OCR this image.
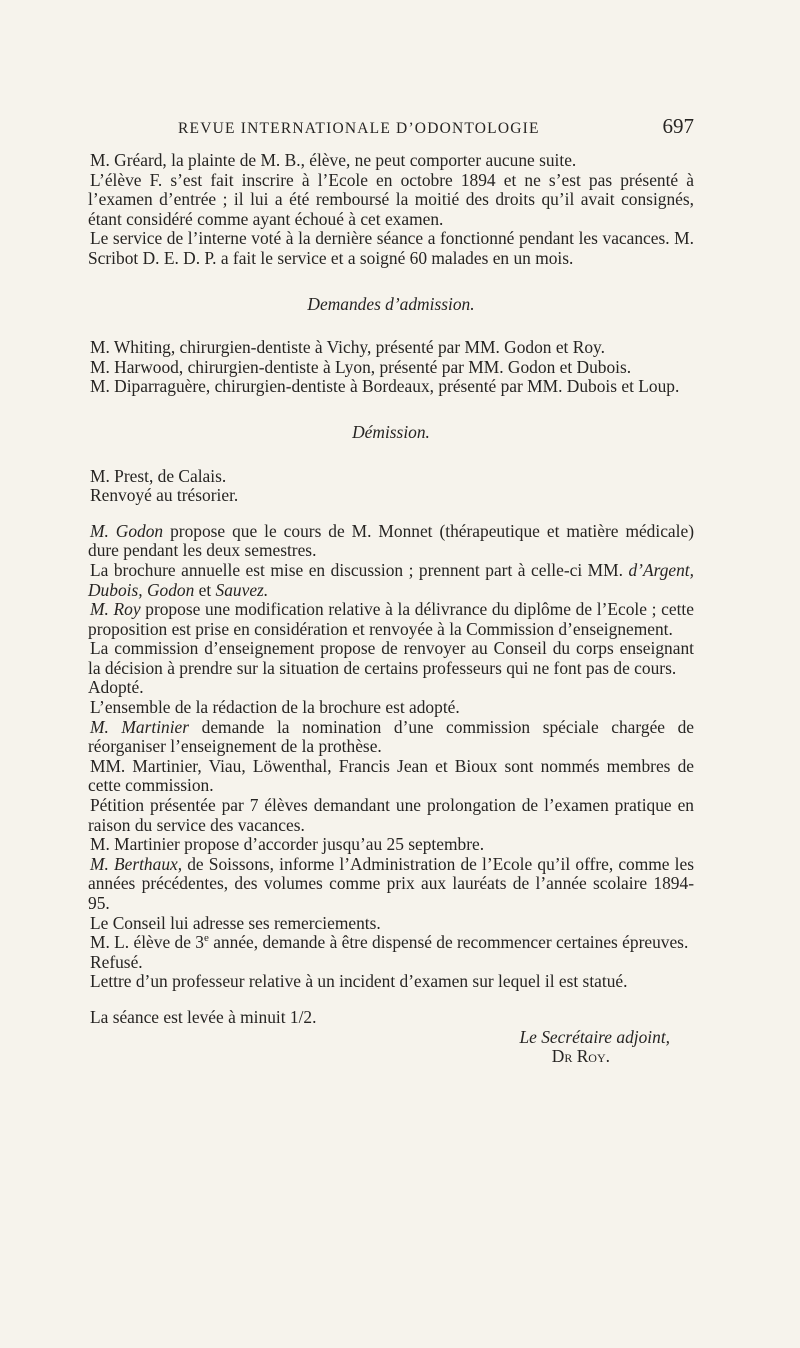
REVUE INTERNATIONALE D’ODONTOLOGIE	697

M. Gréard, la plainte de M. B., élève, ne peut comporter aucune suite.

L’élève F. s’est fait inscrire à l’Ecole en octobre 1894 et ne s’est pas présenté à l’examen d’entrée ; il lui a été remboursé la moitié des droits qu’il avait consignés, étant considéré comme ayant échoué à cet examen.

Le service de l’interne voté à la dernière séance a fonctionné pendant les vacances. M. Scribot D. E. D. P. a fait le service et a soigné 60 malades en un mois.

Demandes d’admission.

M. Whiting, chirurgien-dentiste à Vichy, présenté par MM. Godon et Roy.

M. Harwood, chirurgien-dentiste à Lyon, présenté par MM. Godon et Dubois.

M. Diparraguère, chirurgien-dentiste à Bordeaux, présenté par MM. Dubois et Loup.

Démission.

M. Prest, de Calais.

Renvoyé au trésorier.

M. Godon propose que le cours de M. Monnet (thérapeutique et matière médicale) dure pendant les deux semestres.

La brochure annuelle est mise en discussion ; prennent part à celle-ci MM. d’Argent, Dubois, Godon et Sauvez.

M. Roy propose une modification relative à la délivrance du diplôme de l’Ecole ; cette proposition est prise en considération et renvoyée à la Commission d’enseignement.

La commission d’enseignement propose de renvoyer au Conseil du corps enseignant la décision à prendre sur la situation de certains professeurs qui ne font pas de cours.

Adopté.

L’ensemble de la rédaction de la brochure est adopté.

M. Martinier demande la nomination d’une commission spéciale chargée de réorganiser l’enseignement de la prothèse.

MM. Martinier, Viau, Löwenthal, Francis Jean et Bioux sont nommés membres de cette commission.

Pétition présentée par 7 élèves demandant une prolongation de l’examen pratique en raison du service des vacances.

M. Martinier propose d’accorder jusqu’au 25 septembre.

M. Berthaux, de Soissons, informe l’Administration de l’Ecole qu’il offre, comme les années précédentes, des volumes comme prix aux lauréats de l’année scolaire 1894-95.

Le Conseil lui adresse ses remerciements.

M. L. élève de 3e année, demande à être dispensé de recommencer certaines épreuves.

Refusé.

Lettre d’un professeur relative à un incident d’examen sur lequel il est statué.

La séance est levée à minuit 1/2.

Le Secrétaire adjoint,

Dr Roy.
